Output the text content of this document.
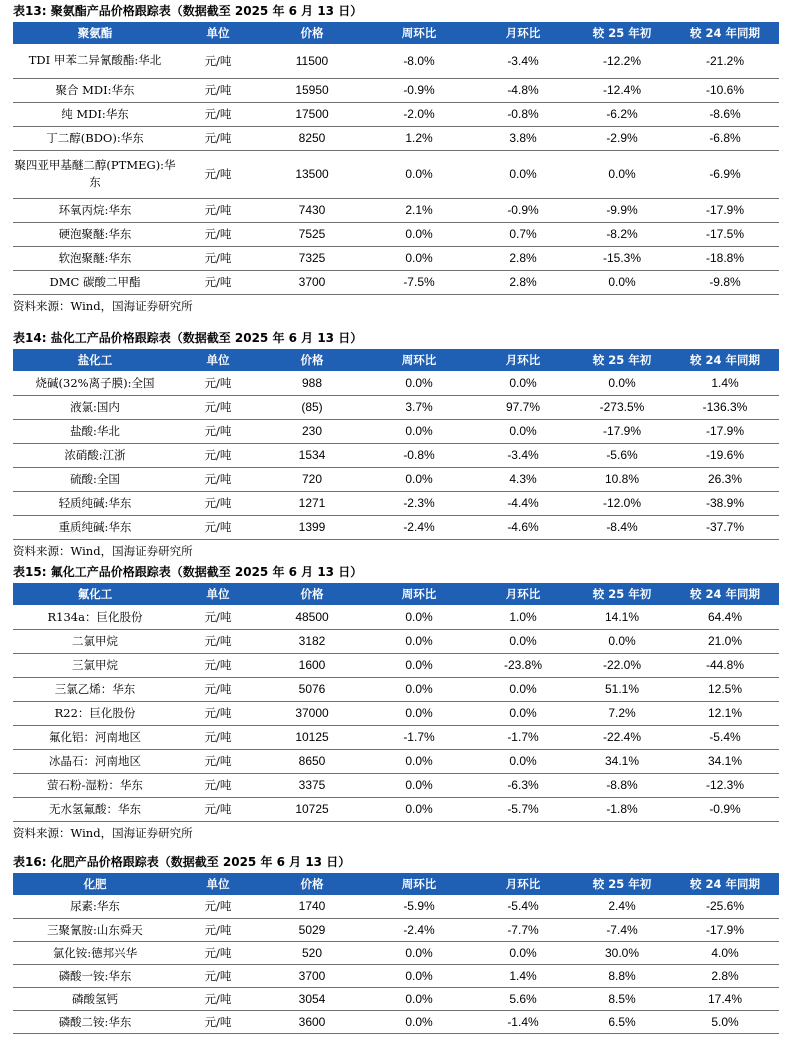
表13: 聚氨酯产品价格跟踪表（数据截至 2025 年 6 月 13 日）
聚氨酯	单位	价格	周环比	月环比	较 25 年初	较 24 年同期
TDI 甲苯二异氰酸酯:华北	元/吨	11500	-8.0%	-3.4%	-12.2%	-21.2%
聚合 MDI:华东	元/吨	15950	-0.9%	-4.8%	-12.4%	-10.6%
纯 MDI:华东	元/吨	17500	-2.0%	-0.8%	-6.2%	-8.6%
丁二醇(BDO):华东	元/吨	8250	1.2%	3.8%	-2.9%	-6.8%
聚四亚甲基醚二醇(PTMEG):华东	元/吨	13500	0.0%	0.0%	0.0%	-6.9%
环氧丙烷:华东	元/吨	7430	2.1%	-0.9%	-9.9%	-17.9%
硬泡聚醚:华东	元/吨	7525	0.0%	0.7%	-8.2%	-17.5%
软泡聚醚:华东	元/吨	7325	0.0%	2.8%	-15.3%	-18.8%
DMC 碳酸二甲酯	元/吨	3700	-7.5%	2.8%	0.0%	-9.8%
资料来源：Wind，国海证券研究所
表14: 盐化工产品价格跟踪表（数据截至 2025 年 6 月 13 日）
盐化工	单位	价格	周环比	月环比	较 25 年初	较 24 年同期
烧碱(32%离子膜):全国	元/吨	988	0.0%	0.0%	0.0%	1.4%
液氯:国内	元/吨	(85)	3.7%	97.7%	-273.5%	-136.3%
盐酸:华北	元/吨	230	0.0%	0.0%	-17.9%	-17.9%
浓硝酸:江浙	元/吨	1534	-0.8%	-3.4%	-5.6%	-19.6%
硫酸:全国	元/吨	720	0.0%	4.3%	10.8%	26.3%
轻质纯碱:华东	元/吨	1271	-2.3%	-4.4%	-12.0%	-38.9%
重质纯碱:华东	元/吨	1399	-2.4%	-4.6%	-8.4%	-37.7%
资料来源：Wind，国海证券研究所
表15: 氟化工产品价格跟踪表（数据截至 2025 年 6 月 13 日）
氟化工	单位	价格	周环比	月环比	较 25 年初	较 24 年同期
R134a：巨化股份	元/吨	48500	0.0%	1.0%	14.1%	64.4%
二氯甲烷	元/吨	3182	0.0%	0.0%	0.0%	21.0%
三氯甲烷	元/吨	1600	0.0%	-23.8%	-22.0%	-44.8%
三氯乙烯：华东	元/吨	5076	0.0%	0.0%	51.1%	12.5%
R22：巨化股份	元/吨	37000	0.0%	0.0%	7.2%	12.1%
氟化铝：河南地区	元/吨	10125	-1.7%	-1.7%	-22.4%	-5.4%
冰晶石：河南地区	元/吨	8650	0.0%	0.0%	34.1%	34.1%
萤石粉-湿粉：华东	元/吨	3375	0.0%	-6.3%	-8.8%	-12.3%
无水氢氟酸：华东	元/吨	10725	0.0%	-5.7%	-1.8%	-0.9%
资料来源：Wind，国海证券研究所
表16: 化肥产品价格跟踪表（数据截至 2025 年 6 月 13 日）
化肥	单位	价格	周环比	月环比	较 25 年初	较 24 年同期
尿素:华东	元/吨	1740	-5.9%	-5.4%	2.4%	-25.6%
三聚氰胺:山东舜天	元/吨	5029	-2.4%	-7.7%	-7.4%	-17.9%
氯化铵:德邦兴华	元/吨	520	0.0%	0.0%	30.0%	4.0%
磷酸一铵:华东	元/吨	3700	0.0%	1.4%	8.8%	2.8%
磷酸氢钙	元/吨	3054	0.0%	5.6%	8.5%	17.4%
磷酸二铵:华东	元/吨	3600	0.0%	-1.4%	6.5%	5.0%
